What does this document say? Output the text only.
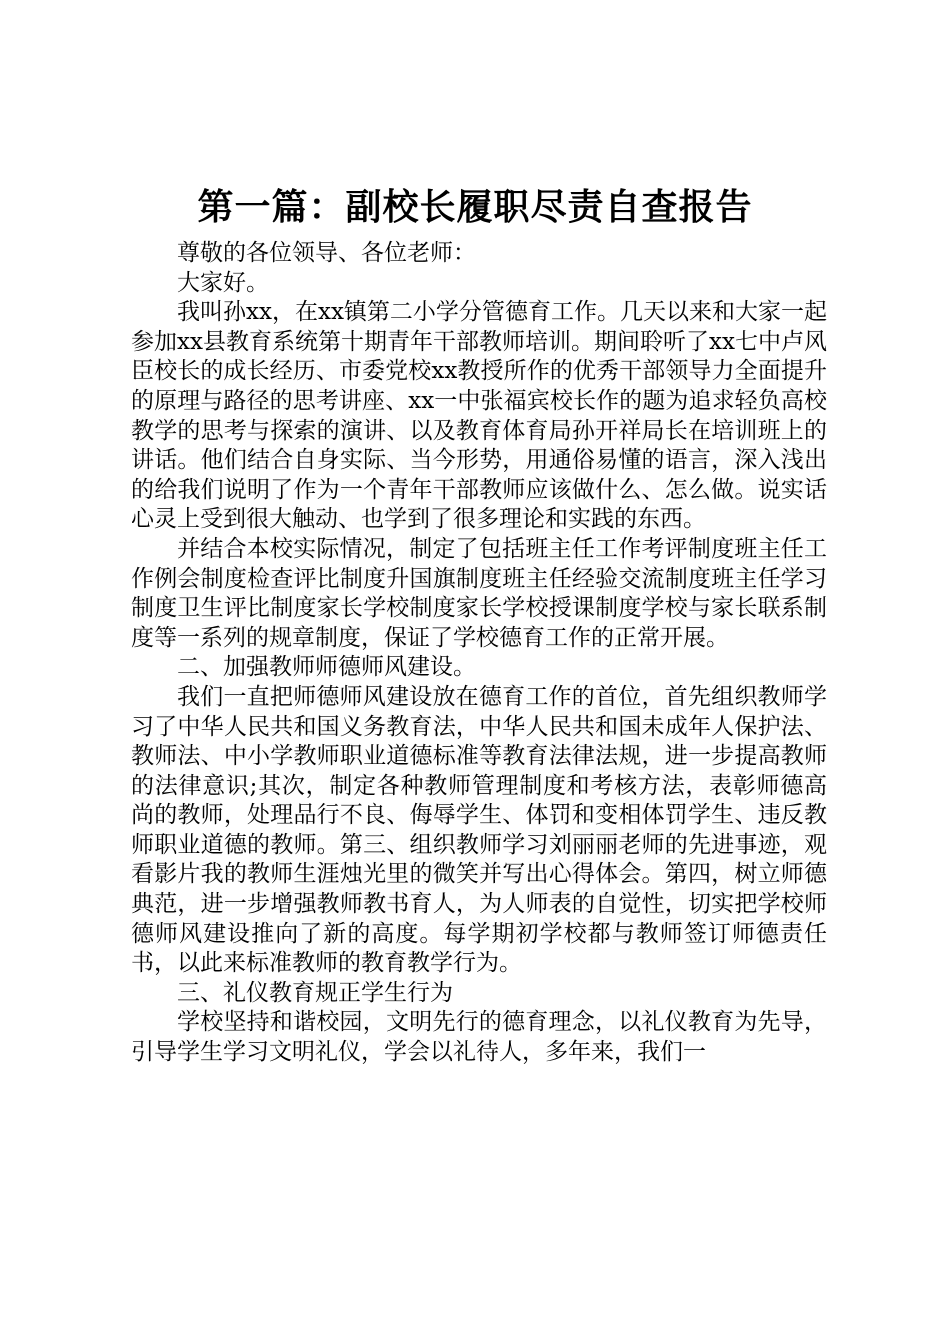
第一篇：副校长履职尽责自查报告

尊敬的各位领导、各位老师：

大家好。

我叫孙xx，在xx镇第二小学分管德育工作。几天以来和大家一起参加xx县教育系统第十期青年干部教师培训。期间聆听了xx七中卢风臣校长的成长经历、市委党校xx教授所作的优秀干部领导力全面提升的原理与路径的思考讲座、xx一中张福宾校长作的题为追求轻负高校教学的思考与探索的演讲、以及教育体育局孙开祥局长在培训班上的讲话。他们结合自身实际、当今形势，用通俗易懂的语言，深入浅出的给我们说明了作为一个青年干部教师应该做什么、怎么做。说实话心灵上受到很大触动、也学到了很多理论和实践的东西。

并结合本校实际情况，制定了包括班主任工作考评制度班主任工作例会制度检查评比制度升国旗制度班主任经验交流制度班主任学习制度卫生评比制度家长学校制度家长学校授课制度学校与家长联系制度等一系列的规章制度，保证了学校德育工作的正常开展。

二、加强教师师德师风建设。

我们一直把师德师风建设放在德育工作的首位，首先组织教师学习了中华人民共和国义务教育法，中华人民共和国未成年人保护法、教师法、中小学教师职业道德标准等教育法律法规，进一步提高教师的法律意识;其次，制定各种教师管理制度和考核方法，表彰师德高尚的教师，处理品行不良、侮辱学生、体罚和变相体罚学生、违反教师职业道德的教师。第三、组织教师学习刘丽丽老师的先进事迹，观看影片我的教师生涯烛光里的微笑并写出心得体会。第四，树立师德典范，进一步增强教师教书育人，为人师表的自觉性，切实把学校师德师风建设推向了新的高度。每学期初学校都与教师签订师德责任书，以此来标准教师的教育教学行为。

三、礼仪教育规正学生行为

学校坚持和谐校园，文明先行的德育理念，以礼仪教育为先导，引导学生学习文明礼仪，学会以礼待人，多年来，我们一
